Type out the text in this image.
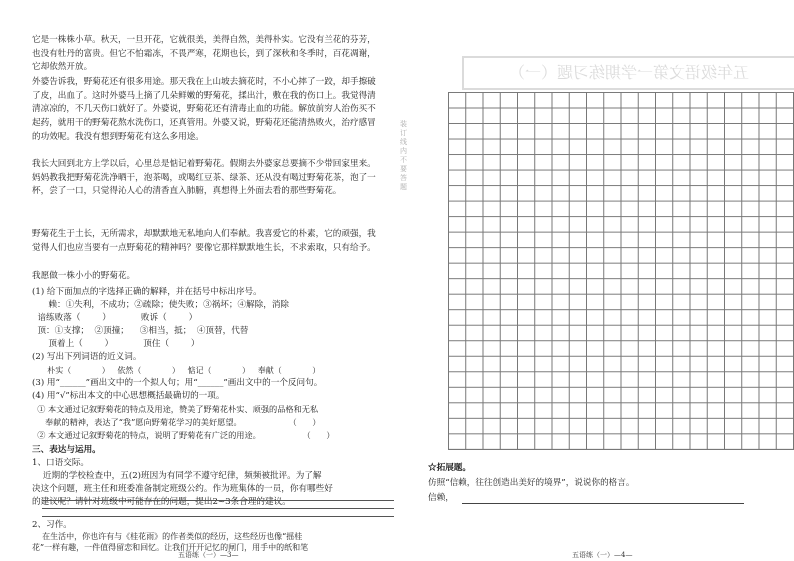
它是一株株小草。秋天，一旦开花，它就很美，美得自然，美得朴实。它没有兰花的芬芳，也没有牡丹的富贵。但它不怕霜冻，不畏严寒，花期也长，到了深秋和冬季时，百花凋谢，它却依然开放。
外婆告诉我，野菊花还有很多用途。那天我在上山坡去摘花时，不小心摔了一跤，却手擦破了皮，出血了。这时外婆马上摘了几朵鲜嫩的野菊花，揉出汁，敷在我的伤口上。我觉得清清凉凉的，不几天伤口就好了。外婆说，野菊花还有清毒止血的功能。解放前穷人治伤买不起药，就用干的野菊花熬水洗伤口，还真管用。外婆又说，野菊花还能清热败火，治疗感冒的功效呢。我没有想到野菊花有这么多用途。
我长大回到北方上学以后，心里总是惦记着野菊花。假期去外婆家总要摘不少带回家里来。妈妈教我把野菊花洗净晒干，泡茶喝，或喝红豆茶、绿茶、还从没有喝过野菊花茶，泡了一杯，尝了一口，只觉得沁人心的清香直入肺腑，真想得上外面去看的那些野菊花。
野菊花生于土长，无所需求，却默默地无私地向人们奉献。我喜爱它的朴素，它的顽强，我觉得人们也应当要有一点野菊花的精神吗？要像它那样默默地生长，不求索取，只有给予。
我愿做一株小小的野菊花。
(1) 给下面加点的字选择正确的解释，并在括号中标出序号。
赖：①失利，不成功；②疏除；使失败；③祸坏；④解除，消除
谙练败落（        ）           败诉（        ）
顶：①支撑；  ②顶撞；    ③相当，抵；  ④顶替，代替
顶着上（        ）           顶住（        ）
(2) 写出下列词语的近义词。
朴实（            ）   依然（            ）   惦记（            ）   奉献（            ）
(3) 用“______”画出文中的一个拟人句；用“______”画出文中的一个反问句。
(4) 用“√”标出本文的中心思想概括最确切的一项。
① 本文通过记叙野菊花的特点及用途，赞美了野菊花朴实、顽强的品格和无私
奉献的精神，表达了“我”愿向野菊花学习的美好愿望。                  （      ）
② 本文通过记叙野菊花的特点，说明了野菊花有广泛的用途。                （      ）
三、表达与运用。
1、口语交际。
近期的学校检查中，五(2)班因为有同学不遵守纪律，频频被批评。为了解
决这个问题，班主任和班委准备制定班级公约。作为班集体的一员，你有哪些好
的建议呢？请针对班级中可能存在的问题，提出2~3条合理的建议。
2、习作。
在生活中，你也许有与《桂花雨》的作者类似的经历，这些经历也像“摇桂
花”一样有趣，一件值得留恋和回忆。让我们开开记忆的闸门，用手中的纸和笔
五语练（一）—3—
装 订 线 内 不 要 答 题
五年级语文第一学期练习题（一）
☆拓展题。
仿照“信赖，往往创造出美好的境界”，说说你的格言。
信赖，
五语练（一）—4—
